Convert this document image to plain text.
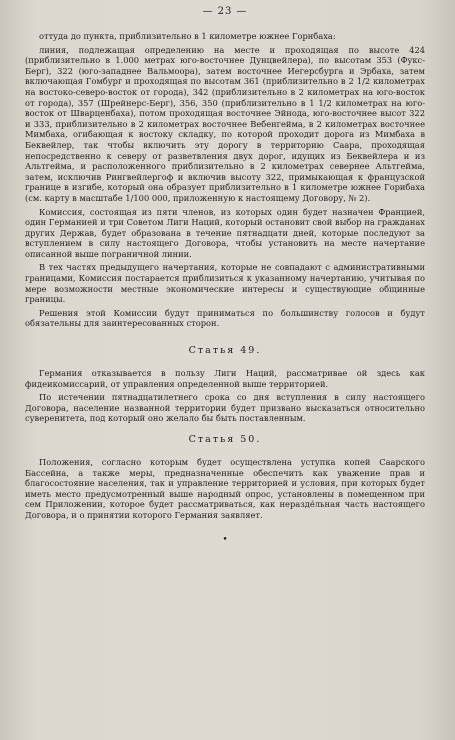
— 23 —

оттуда до пункта, приблизительно в 1 километре южнее Горнбаха:

линия, подлежащая определению на месте и проходящая по высоте 424 (приблизительно в 1.000 метрах юго-восточнее Дунцвейлера), по высотам 353 (Фукс-Берг), 322 (юго-западнее Вальмоора), затем восточнее Иегерсбурга и Эрбаха, затем включающая Гомбург и проходящая по высотам 361 (приблизительно в 2 1/2 километрах на востоко-северо-восток от города), 342 (приблизительно в 2 километрах на юго-восток от города), 357 (Шрейнерс-Берг), 356, 350 (приблизительно в 1 1/2 километрах на юго-восток от Шварценбаха), потом проходящая восточнее Эйнода, юго-восточнее высот 322 и 333, приблизительно в 2 километрах восточнее Вебенгейма, в 2 километрах восточнее Мимбаха, огибающая к востоку складку, по которой проходит дорога из Мимбаха в Беквейлер, так чтобы включить эту дорогу в территорию Саара, проходящая непосредственно к северу от разветвления двух дорог, идущих из Беквейлера и из Альтгейма, и расположенного приблизительно в 2 километрах севернее Альтгейма, затем, исключив Рингвейлергоф и включив высоту 322, примыкающая к французской границе в изгибе, который она образует приблизительно в 1 километре южнее Горибаха (см. карту в масштабе 1/100 000, приложенную к настоящему Договору, № 2).

Комиссия, состоящая из пяти членов, из которых один будет назначен Францией, один Германией и три Советом Лиги Наций, который остановит свой выбор на гражданах других Держав, будет образована в течение пятнадцати дней, которые последуют за вступлением в силу настоящего Договора, чтобы установить на месте начертание описанной выше пограничной линии.

В тех частях предыдущего начертания, которые не совпадают с административными границами, Комиссия постарается приблизиться к указанному начертанию, учитывая по мере возможности местные экономические интересы и существующие общинные границы.

Решения этой Комиссии будут приниматься по большинству голосов и будут обязательны для заинтересованных сторон.

Статья 49.

Германия отказывается в пользу Лиги Наций, рассматривае ой здесь как фидеикомиссарий, от управления определенной выше территорией.

По истечении пятнадцатилетнего срока со дня вступления в силу настоящего Договора, население названной территории будет призвано высказаться относительно суверенитета, под который оно желало бы быть поставленным.

Статья 50.

Положения, согласно которым будет осуществлена уступка копей Саарского Бассейна, а также меры, предназначенные обеспечить как уважение прав и благосостояние населения, так и управление территорией и условия, при которых будет иметь место предусмотренный выше народный опрос, установлены в помещенном при сем Приложении, которое будет рассматриваться, как неразде́льная часть настоящего Договора, и о принятии которого Германия заявляет.

•
